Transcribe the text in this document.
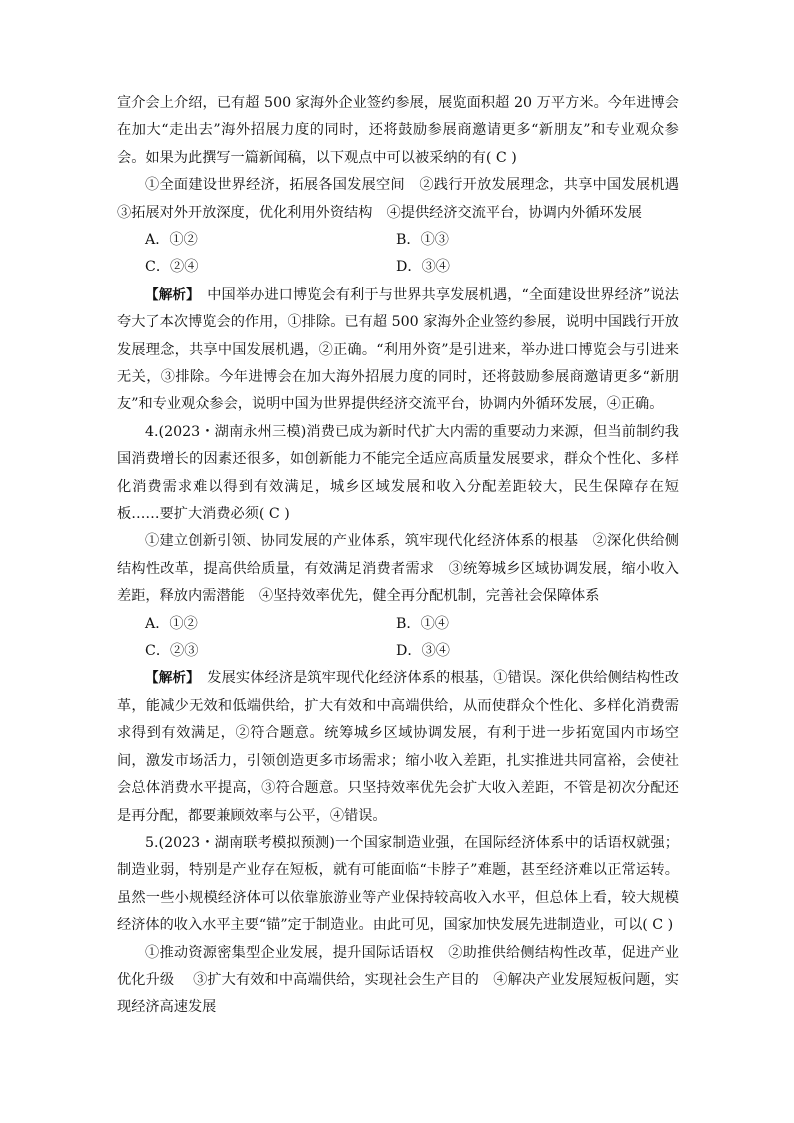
宣介会上介绍，已有超 500 家海外企业签约参展，展览面积超 20 万平方米。今年进博会在加大“走出去”海外招展力度的同时，还将鼓励参展商邀请更多“新朋友”和专业观众参会。如果为此撰写一篇新闻稿，以下观点中可以被采纳的有( C )

①全面建设世界经济，拓展各国发展空间　②践行开放发展理念，共享中国发展机遇　③拓展对外开放深度，优化利用外资结构　④提供经济交流平台，协调内外循环发展

A．①②	B．①③
C．②④	D．③④

【解析】　中国举办进口博览会有利于与世界共享发展机遇，“全面建设世界经济”说法夸大了本次博览会的作用，①排除。已有超 500 家海外企业签约参展，说明中国践行开放发展理念，共享中国发展机遇，②正确。“利用外资”是引进来，举办进口博览会与引进来无关，③排除。今年进博会在加大海外招展力度的同时，还将鼓励参展商邀请更多“新朋友”和专业观众参会，说明中国为世界提供经济交流平台，协调内外循环发展，④正确。

4.(2023・湖南永州三模)消费已成为新时代扩大内需的重要动力来源，但当前制约我国消费增长的因素还很多，如创新能力不能完全适应高质量发展要求，群众个性化、多样化消费需求难以得到有效满足，城乡区域发展和收入分配差距较大，民生保障存在短板……要扩大消费必须( C )

①建立创新引领、协同发展的产业体系，筑牢现代化经济体系的根基　②深化供给侧结构性改革，提高供给质量，有效满足消费者需求　③统筹城乡区域协调发展，缩小收入差距，释放内需潜能　④坚持效率优先，健全再分配机制，完善社会保障体系

A．①②	B．①④
C．②③	D．③④

【解析】　发展实体经济是筑牢现代化经济体系的根基，①错误。深化供给侧结构性改革，能减少无效和低端供给，扩大有效和中高端供给，从而使群众个性化、多样化消费需求得到有效满足，②符合题意。统筹城乡区域协调发展，有利于进一步拓宽国内市场空间，激发市场活力，引领创造更多市场需求；缩小收入差距，扎实推进共同富裕，会使社会总体消费水平提高，③符合题意。只坚持效率优先会扩大收入差距，不管是初次分配还是再分配，都要兼顾效率与公平，④错误。

5.(2023・湖南联考模拟预测)一个国家制造业强，在国际经济体系中的话语权就强；制造业弱，特别是产业存在短板，就有可能面临“卡脖子”难题，甚至经济难以正常运转。虽然一些小规模经济体可以依靠旅游业等产业保持较高收入水平，但总体上看，较大规模经济体的收入水平主要“锚”定于制造业。由此可见，国家加快发展先进制造业，可以( C )

①推动资源密集型企业发展，提升国际话语权　②助推供给侧结构性改革，促进产业优化升级　 ③扩大有效和中高端供给，实现社会生产目的　④解决产业发展短板问题，实现经济高速发展
